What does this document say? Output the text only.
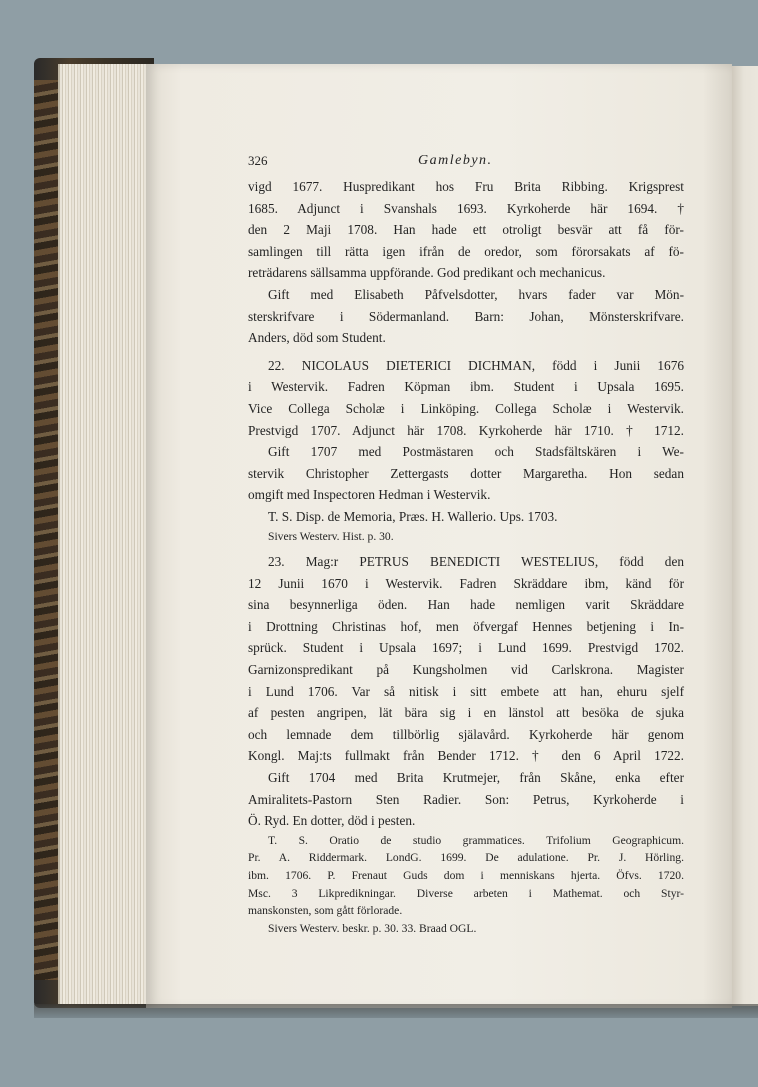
326	Gamlebyn.
vigd 1677. Huspredikant hos Fru Brita Ribbing. Krigsprest
1685. Adjunct i Svanshals 1693. Kyrkoherde här 1694. †
den 2 Maji 1708. Han hade ett otroligt besvär att få för-
samlingen till rätta igen ifrån de oredor, som förorsakats af fö-
reträdarens sällsamma uppförande. God predikant och mechanicus.
Gift med Elisabeth Påfvelsdotter, hvars fader var Mön-
sterskrifvare i Södermanland. Barn: Johan, Mönsterskrifvare.
Anders, död som Student.
22. NICOLAUS DIETERICI DICHMAN, född i Junii 1676
i Westervik. Fadren Köpman ibm. Student i Upsala 1695.
Vice Collega Scholæ i Linköping. Collega Scholæ i Westervik.
Prestvigd 1707. Adjunct här 1708. Kyrkoherde här 1710. † 1712.
Gift 1707 med Postmästaren och Stadsfältskären i We-
stervik Christopher Zettergasts dotter Margaretha. Hon sedan
omgift med Inspectoren Hedman i Westervik.
T. S. Disp. de Memoria, Præs. H. Wallerio. Ups. 1703.
Sivers Westerv. Hist. p. 30.
23. Mag:r PETRUS BENEDICTI WESTELIUS, född den
12 Junii 1670 i Westervik. Fadren Skräddare ibm, känd för
sina besynnerliga öden. Han hade nemligen varit Skräddare
i Drottning Christinas hof, men öfvergaf Hennes betjening i In-
sprück. Student i Upsala 1697; i Lund 1699. Prestvigd 1702.
Garnizonspredikant på Kungsholmen vid Carlskrona. Magister
i Lund 1706. Var så nitisk i sitt embete att han, ehuru sjelf
af pesten angripen, lät bära sig i en länstol att besöka de sjuka
och lemnade dem tillbörlig själavård. Kyrkoherde här genom
Kongl. Maj:ts fullmakt från Bender 1712. † den 6 April 1722.
Gift 1704 med Brita Krutmejer, från Skåne, enka efter
Amiralitets-Pastorn Sten Radier. Son: Petrus, Kyrkoherde i
Ö. Ryd. En dotter, död i pesten.
T. S. Oratio de studio grammatices. Trifolium Geographicum.
Pr. A. Riddermark. LondG. 1699. De adulatione. Pr. J. Hörling.
ibm. 1706. P. Frenaut Guds dom i menniskans hjerta. Öfvs. 1720.
Msc. 3 Likpredikningar. Diverse arbeten i Mathemat. och Styr-
manskonsten, som gått förlorade.
Sivers Westerv. beskr. p. 30. 33. Braad OGL.
